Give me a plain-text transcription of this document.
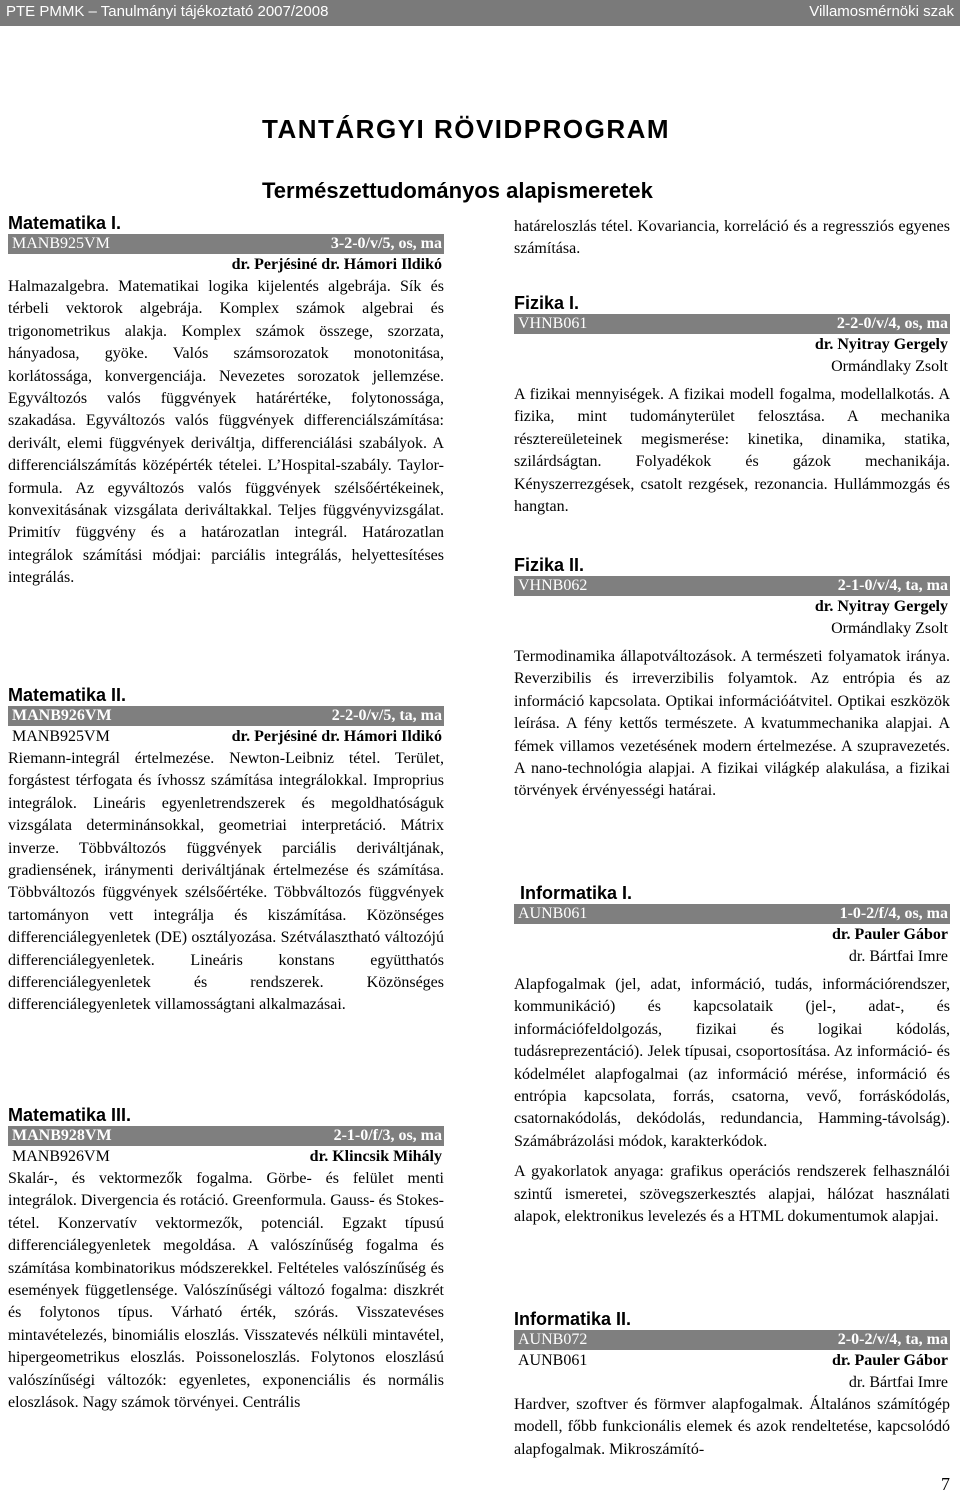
PTE PMMK – Tanulmányi tájékoztató 2007/2008	Villamosmérnöki szak
TANTÁRGYI RÖVIDPROGRAM
Természettudományos alapismeretek
Matematika I.
MANB925VM	3-2-0/v/5, os, ma
dr. Perjésiné dr. Hámori Ildikó
Halmazalgebra. Matematikai logika kijelentés algebrája. Sík és térbeli vektorok algebrája. Komplex számok algebrai és trigonometrikus alakja. Komplex számok összege, szorzata, hányadosa, gyöke. Valós számsorozatok monotonitása, korlátossága, konvergenciája. Nevezetes sorozatok jellemzése. Egyváltozós valós függvények határértéke, folytonossága, szakadása. Egyváltozós valós függvények differenciálszámítása: derivált, elemi függvények deriváltja, differenciálási szabályok. A differenciálszámítás középérték tételei. L’Hospital-szabály. Taylor-formula. Az egyváltozós valós függvények szélsőértékeinek, konvexitásának vizsgálata deriváltakkal. Teljes függvényvizsgálat. Primitív függvény és a határozatlan integrál. Határozatlan integrálok számítási módjai: parciális integrálás, helyettesítéses integrálás.
Matematika II.
MANB926VM	2-2-0/v/5, ta, ma
MANB925VM	dr. Perjésiné dr. Hámori Ildikó
Riemann-integrál értelmezése. Newton-Leibniz tétel. Terület, forgástest térfogata és ívhossz számítása integrálokkal. Improprius integrálok. Lineáris egyenletrendszerek és megoldhatóságuk vizsgálata determinánsokkal, geometriai interpretáció. Mátrix inverze. Többváltozós függvények parciális deriváltjának, gradiensének, iránymenti deriváltjának értelmezése és számítása. Többváltozós függvények szélsőértéke. Többváltozós függvények tartományon vett integrálja és kiszámítása. Közönséges differenciálegyenletek (DE) osztályozása. Szétválasztható változójú differenciálegyenletek. Lineáris konstans együtthatós differenciálegyenletek és rendszerek. Közönséges differenciálegyenletek villamosságtani alkalmazásai.
Matematika III.
MANB928VM	2-1-0/f/3, os, ma
MANB926VM	dr. Klincsik Mihály
Skalár-, és vektormezők fogalma. Görbe- és felület menti integrálok. Divergencia és rotáció. Greenformula. Gauss- és Stokes-tétel. Konzervatív vektormezők, potenciál. Egzakt típusú differenciálegyenletek megoldása. A valószínűség fogalma és számítása kombinatorikus módszerekkel. Feltételes valószínűség és események függetlensége. Valószínűségi változó fogalma: diszkrét és folytonos típus. Várható érték, szórás. Visszatevéses mintavételezés, binomiális eloszlás. Visszatevés nélküli mintavétel, hipergeometrikus eloszlás. Poissoneloszlás. Folytonos eloszlású valószínűségi változók: egyenletes, exponenciális és normális eloszlások. Nagy számok törvényei. Centrális
határeloszlás tétel. Kovariancia, korreláció és a regressziós egyenes számítása.
Fizika I.
VHNB061	2-2-0/v/4, os, ma
dr. Nyitray Gergely
Ormándlaky Zsolt
A fizikai mennyiségek. A fizikai modell fogalma, modellalkotás. A fizika, mint tudományterület felosztása. A mechanika résztereületeinek megismerése: kinetika, dinamika, statika, szilárdságtan. Folyadékok és gázok mechanikája. Kényszerrezgések, csatolt rezgések, rezonancia. Hullámmozgás és hangtan.
Fizika II.
VHNB062	2-1-0/v/4, ta, ma
dr. Nyitray Gergely
Ormándlaky Zsolt
Termodinamika állapotváltozások. A természeti folyamatok iránya. Reverzibilis és irreverzibilis folyamtok. Az entrópia és az információ kapcsolata. Optikai információátvitel. Optikai eszközök leírása. A fény kettős természete. A kvatummechanika alapjai. A fémek villamos vezetésének modern értelmezése. A szupravezetés. A nano-technológia alapjai. A fizikai világkép alakulása, a fizikai törvények érvényességi határai.
Informatika I.
AUNB061	1-0-2/f/4, os, ma
dr. Pauler Gábor
dr. Bártfai Imre
Alapfogalmak (jel, adat, információ, tudás, információrendszer, kommunikáció) és kapcsolataik (jel-, adat-, és információfeldolgozás, fizikai és logikai kódolás, tudásreprezentáció). Jelek típusai, csoportosítása. Az információ- és kódelmélet alapfogalmai (az információ mérése, információ és entrópia kapcsolata, forrás, csatorna, vevő, forráskódolás, csatornakódolás, dekódolás, redundancia, Hamming-távolság). Számábrázolási módok, karakterkódok.
A gyakorlatok anyaga: grafikus operációs rendszerek felhasználói szintű ismeretei, szövegszerkesztés alapjai, hálózat használati alapok, elektronikus levelezés és a HTML dokumentumok alapjai.
Informatika II.
AUNB072	2-0-2/v/4, ta, ma
AUNB061	dr. Pauler Gábor
dr. Bártfai Imre
Hardver, szoftver és förmver alapfogalmak. Általános számítógép modell, főbb funkcionális elemek és azok rendeltetése, kapcsolódó alapfogalmak. Mikroszámító-
7
